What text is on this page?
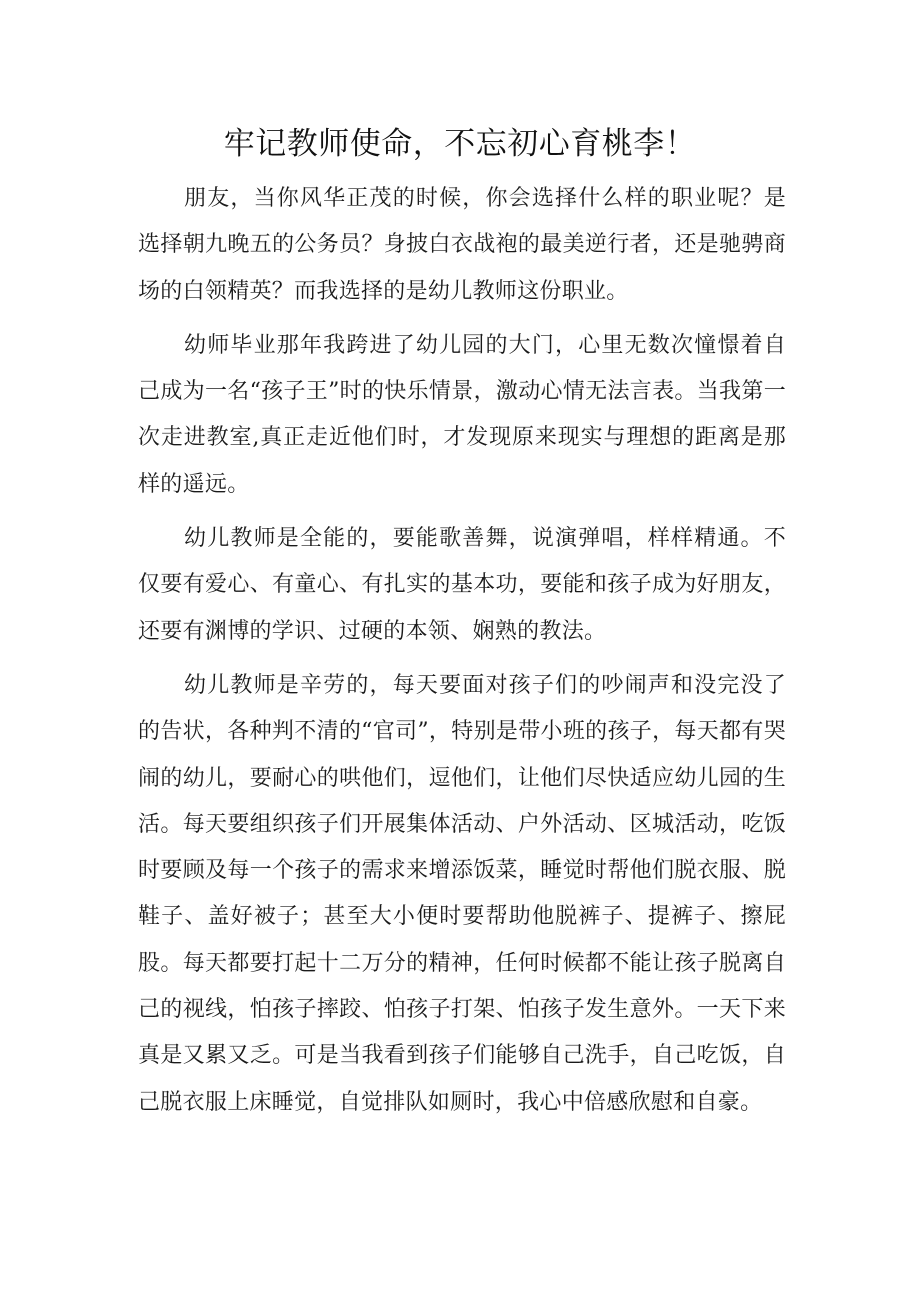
牢记教师使命，不忘初心育桃李！

朋友，当你风华正茂的时候，你会选择什么样的职业呢？是选择朝九晚五的公务员？身披白衣战袍的最美逆行者，还是驰骋商场的白领精英？而我选择的是幼儿教师这份职业。

幼师毕业那年我跨进了幼儿园的大门，心里无数次憧憬着自己成为一名“孩子王”时的快乐情景，激动心情无法言表。当我第一次走进教室,真正走近他们时，才发现原来现实与理想的距离是那样的遥远。

幼儿教师是全能的，要能歌善舞，说演弹唱，样样精通。不仅要有爱心、有童心、有扎实的基本功，要能和孩子成为好朋友，还要有渊博的学识、过硬的本领、娴熟的教法。

幼儿教师是辛劳的，每天要面对孩子们的吵闹声和没完没了的告状，各种判不清的“官司”，特别是带小班的孩子，每天都有哭闹的幼儿，要耐心的哄他们，逗他们，让他们尽快适应幼儿园的生活。每天要组织孩子们开展集体活动、户外活动、区城活动，吃饭时要顾及每一个孩子的需求来增添饭菜，睡觉时帮他们脱衣服、脱鞋子、盖好被子；甚至大小便时要帮助他脱裤子、提裤子、擦屁股。每天都要打起十二万分的精神，任何时候都不能让孩子脱离自己的视线，怕孩子摔跤、怕孩子打架、怕孩子发生意外。一天下来真是又累又乏。可是当我看到孩子们能够自己洗手，自己吃饭，自己脱衣服上床睡觉，自觉排队如厕时，我心中倍感欣慰和自豪。
